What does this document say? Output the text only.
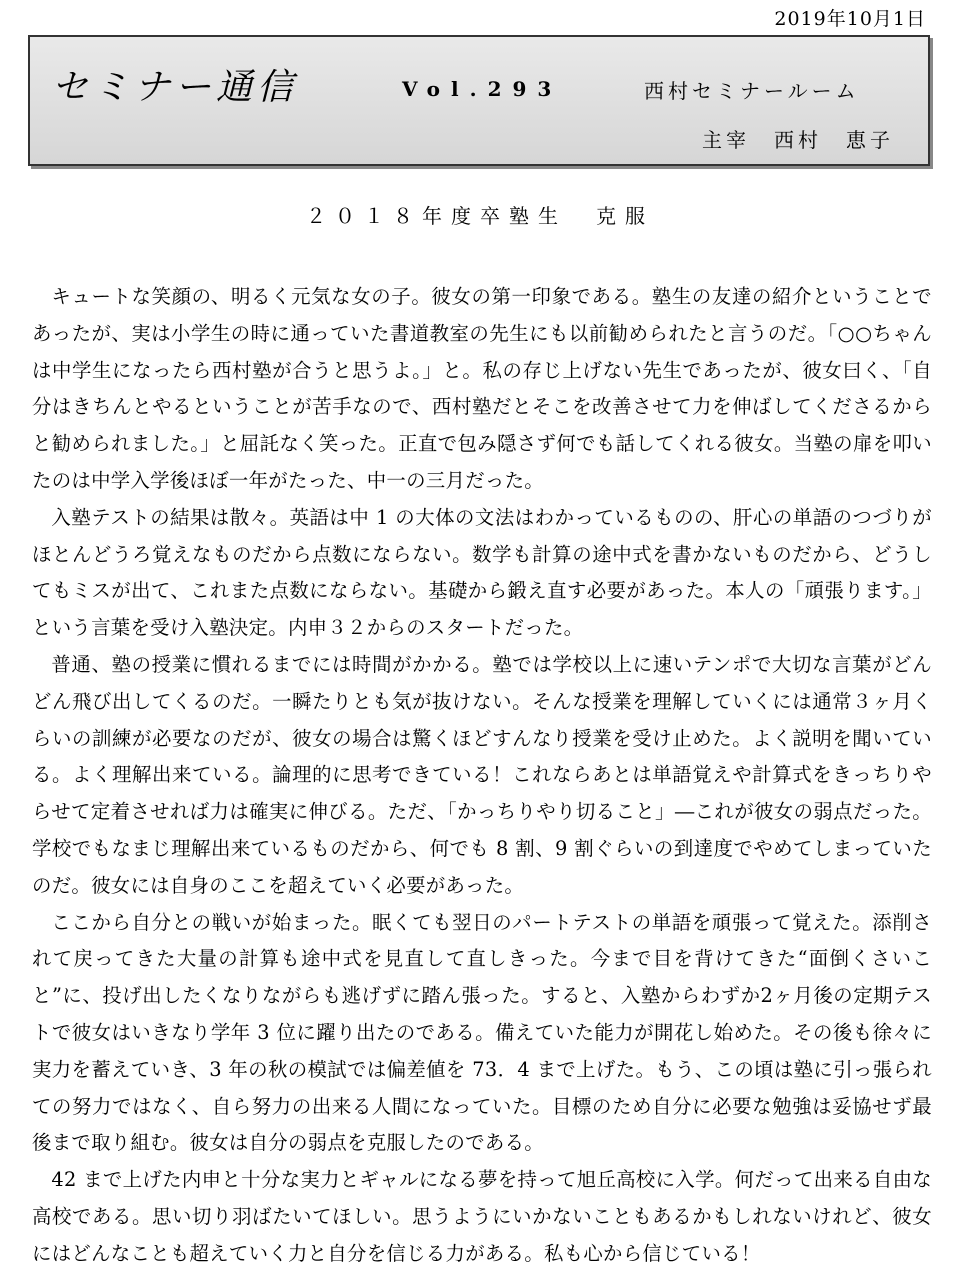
2019年10月1日
セミナー通信	Vol.293	西村セミナールーム
主宰　西村　恵子
２０１８年度卒塾生　克服

キュートな笑顔の、明るく元気な女の子。彼女の第一印象である。塾生の友達の紹介ということであったが、実は小学生の時に通っていた書道教室の先生にも以前勧められたと言うのだ。「○○ちゃんは中学生になったら西村塾が合うと思うよ。」と。私の存じ上げない先生であったが、彼女曰く、「自分はきちんとやるということが苦手なので、西村塾だとそこを改善させて力を伸ばしてくださるからと勧められました。」と屈託なく笑った。正直で包み隠さず何でも話してくれる彼女。当塾の扉を叩いたのは中学入学後ほぼ一年がたった、中一の三月だった。

入塾テストの結果は散々。英語は中 1 の大体の文法はわかっているものの、肝心の単語のつづりがほとんどうろ覚えなものだから点数にならない。数学も計算の途中式を書かないものだから、どうしてもミスが出て、これまた点数にならない。基礎から鍛え直す必要があった。本人の「頑張ります。」という言葉を受け入塾決定。内申３２からのスタートだった。

普通、塾の授業に慣れるまでには時間がかかる。塾では学校以上に速いテンポで大切な言葉がどんどん飛び出してくるのだ。一瞬たりとも気が抜けない。そんな授業を理解していくには通常３ヶ月くらいの訓練が必要なのだが、彼女の場合は驚くほどすんなり授業を受け止めた。よく説明を聞いている。よく理解出来ている。論理的に思考できている！これならあとは単語覚えや計算式をきっちりやらせて定着させれば力は確実に伸びる。ただ、「かっちりやり切ること」―これが彼女の弱点だった。学校でもなまじ理解出来ているものだから、何でも 8 割、9 割ぐらいの到達度でやめてしまっていたのだ。彼女には自身のここを超えていく必要があった。

ここから自分との戦いが始まった。眠くても翌日のパートテストの単語を頑張って覚えた。添削されて戻ってきた大量の計算も途中式を見直して直しきった。今まで目を背けてきた“面倒くさいこと”に、投げ出したくなりながらも逃げずに踏ん張った。すると、入塾からわずか2ヶ月後の定期テストで彼女はいきなり学年 3 位に躍り出たのである。備えていた能力が開花し始めた。その後も徐々に実力を蓄えていき、3 年の秋の模試では偏差値を 73．4 まで上げた。もう、この頃は塾に引っ張られての努力ではなく、自ら努力の出来る人間になっていた。目標のため自分に必要な勉強は妥協せず最後まで取り組む。彼女は自分の弱点を克服したのである。

42 まで上げた内申と十分な実力とギャルになる夢を持って旭丘高校に入学。何だって出来る自由な高校である。思い切り羽ばたいてほしい。思うようにいかないこともあるかもしれないけれど、彼女にはどんなことも超えていく力と自分を信じる力がある。私も心から信じている！
